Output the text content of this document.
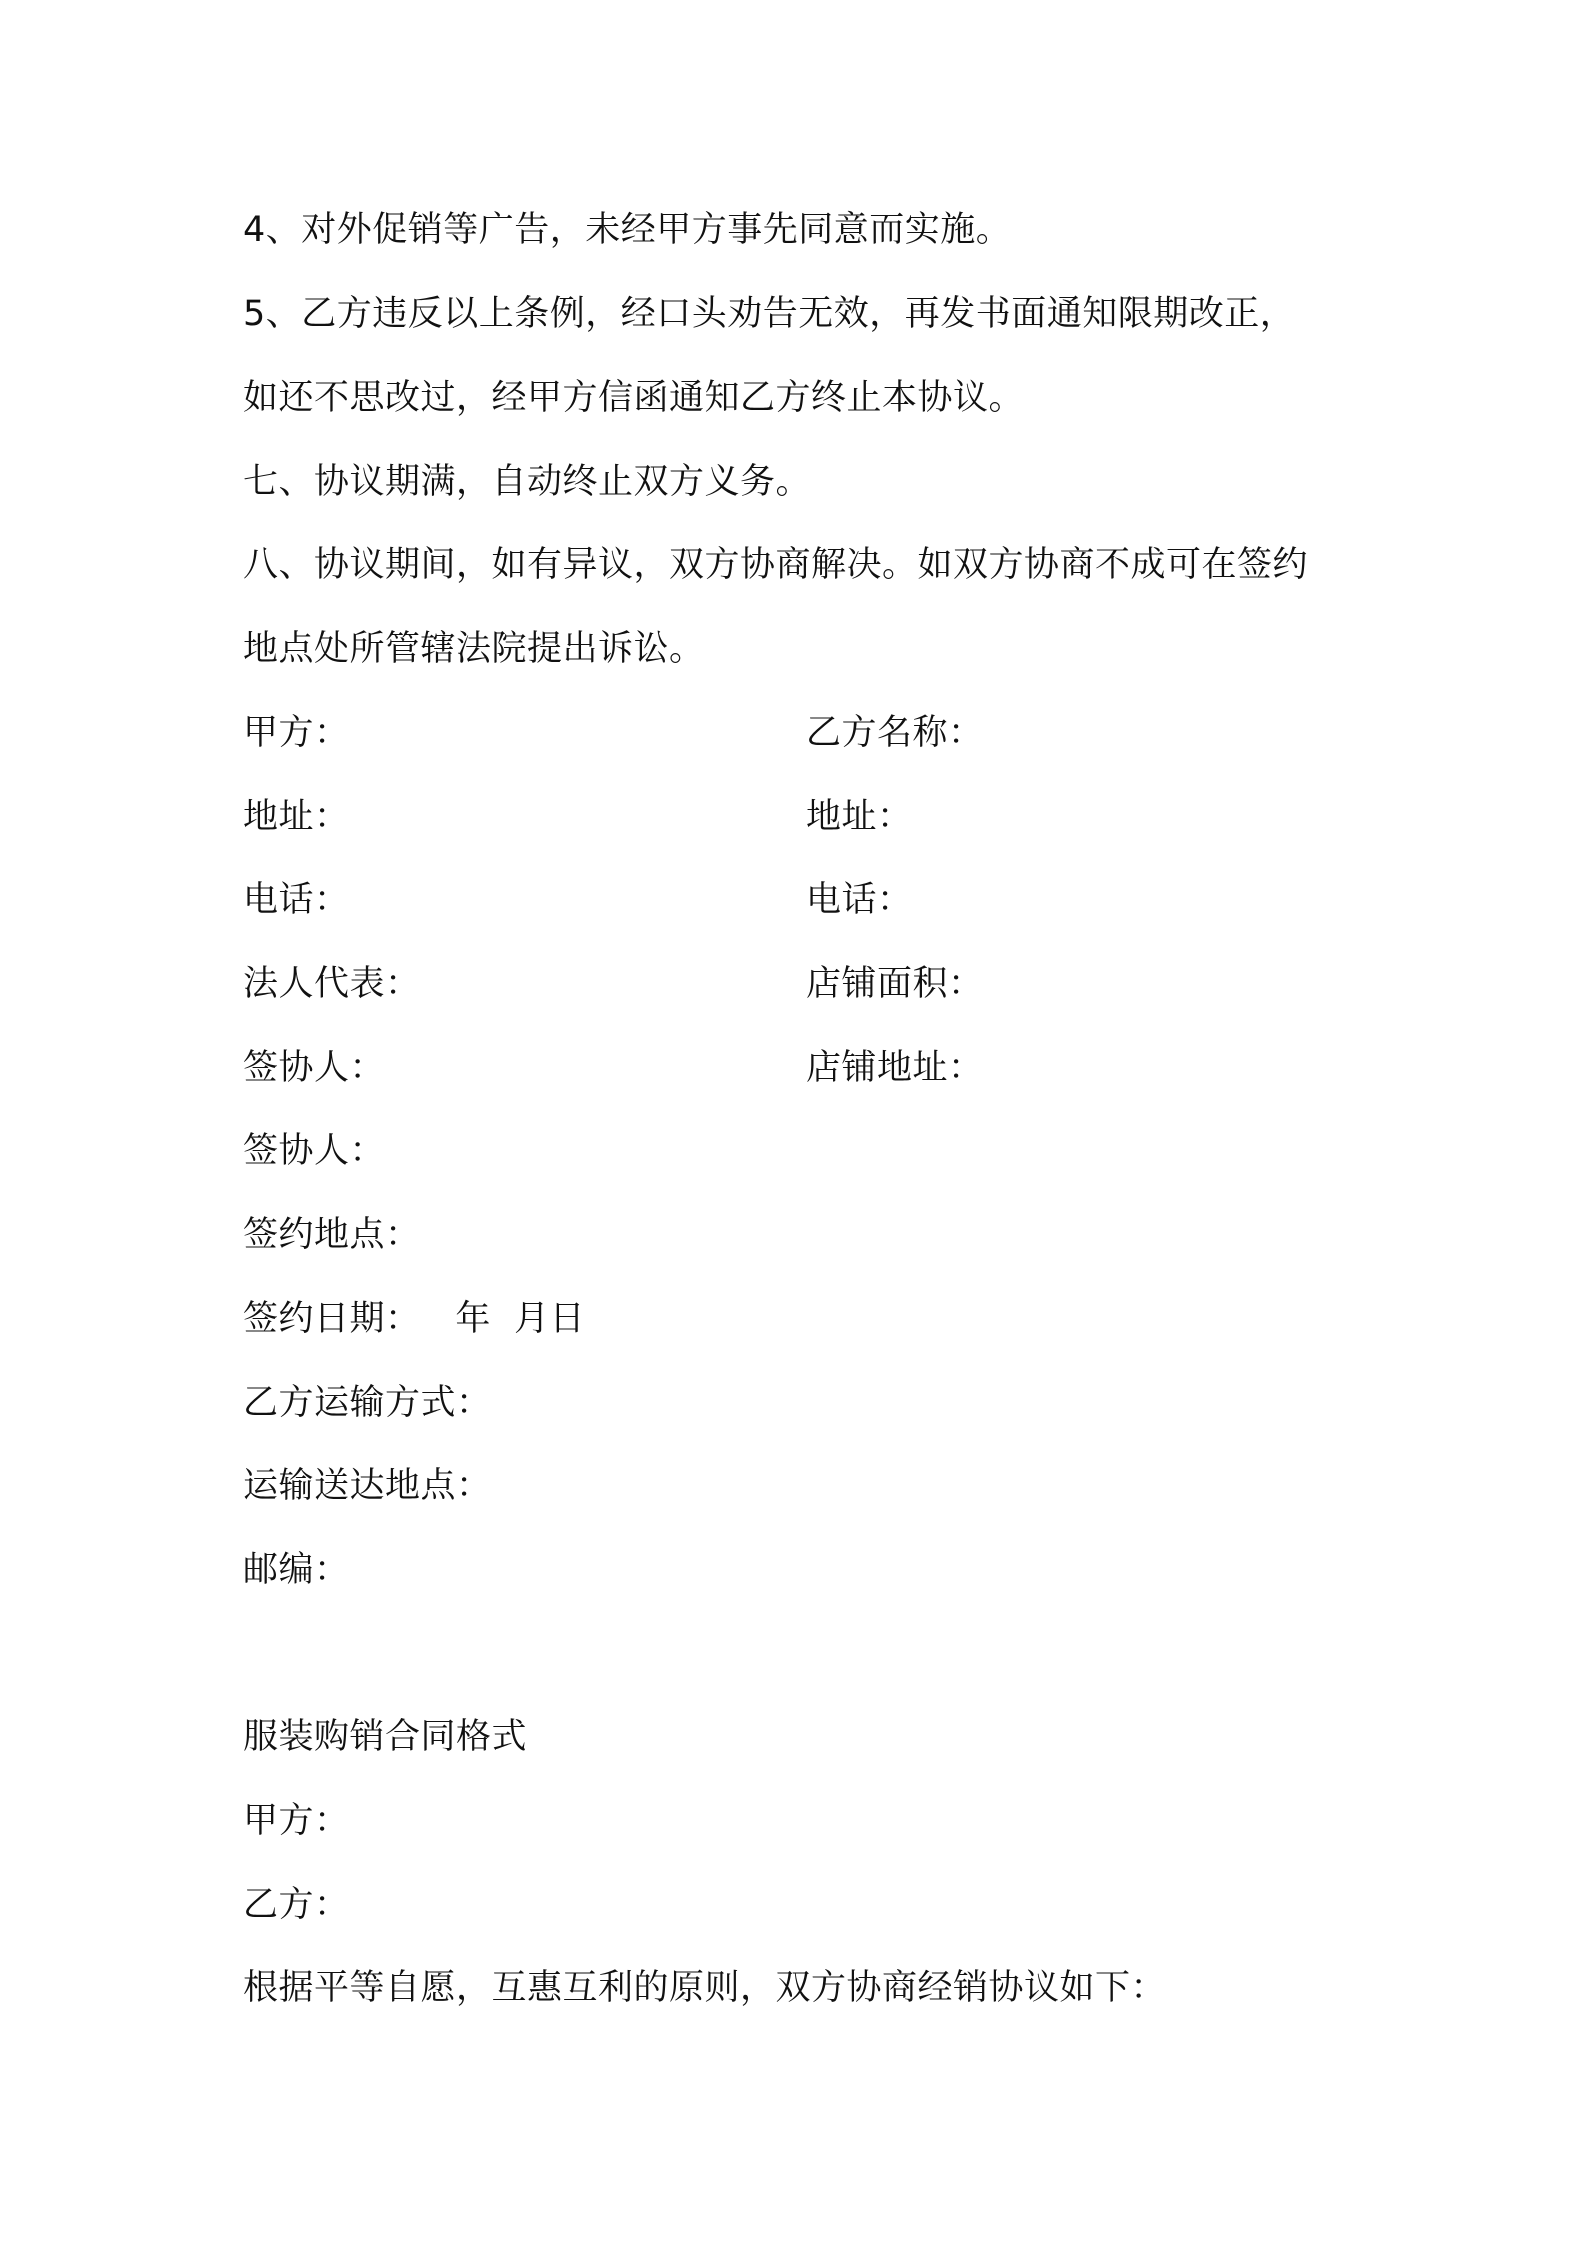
4、对外促销等广告，未经甲方事先同意而实施。
5、乙方违反以上条例，经口头劝告无效，再发书面通知限期改正，
如还不思改过，经甲方信函通知乙方终止本协议。
七、协议期满，自动终止双方义务。
八、协议期间，如有异议，双方协商解决。如双方协商不成可在签约
地点处所管辖法院提出诉讼。
甲方：	乙方名称：
地址：	地址：
电话：	电话：
法人代表：	店铺面积：
签协人：	店铺地址：
签协人：
签约地点：
签约日期：   年  月日
乙方运输方式：
运输送达地点：
邮编：
服装购销合同格式
甲方：
乙方：
根据平等自愿，互惠互利的原则，双方协商经销协议如下：
